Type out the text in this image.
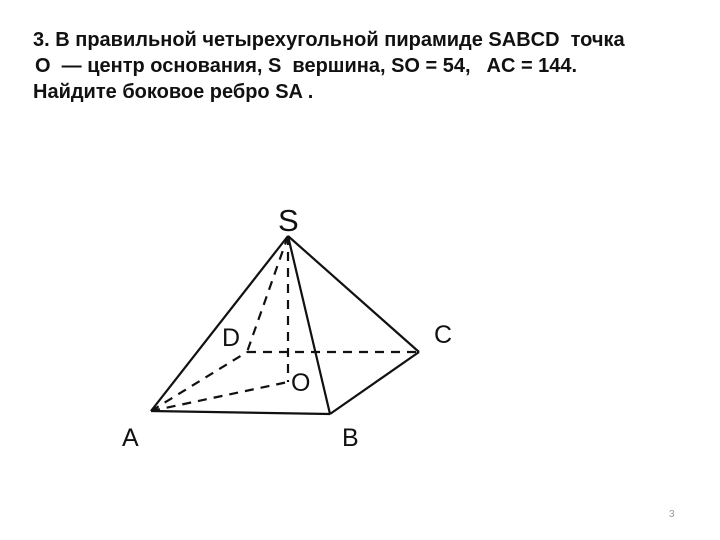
3. В правильной четырехугольной пирамиде SABCD  точка
О  — центр основания, S  вершина, SO = 54,   AC = 144.
Найдите боковое ребро SA .
S
D	C
O
A	B
3
